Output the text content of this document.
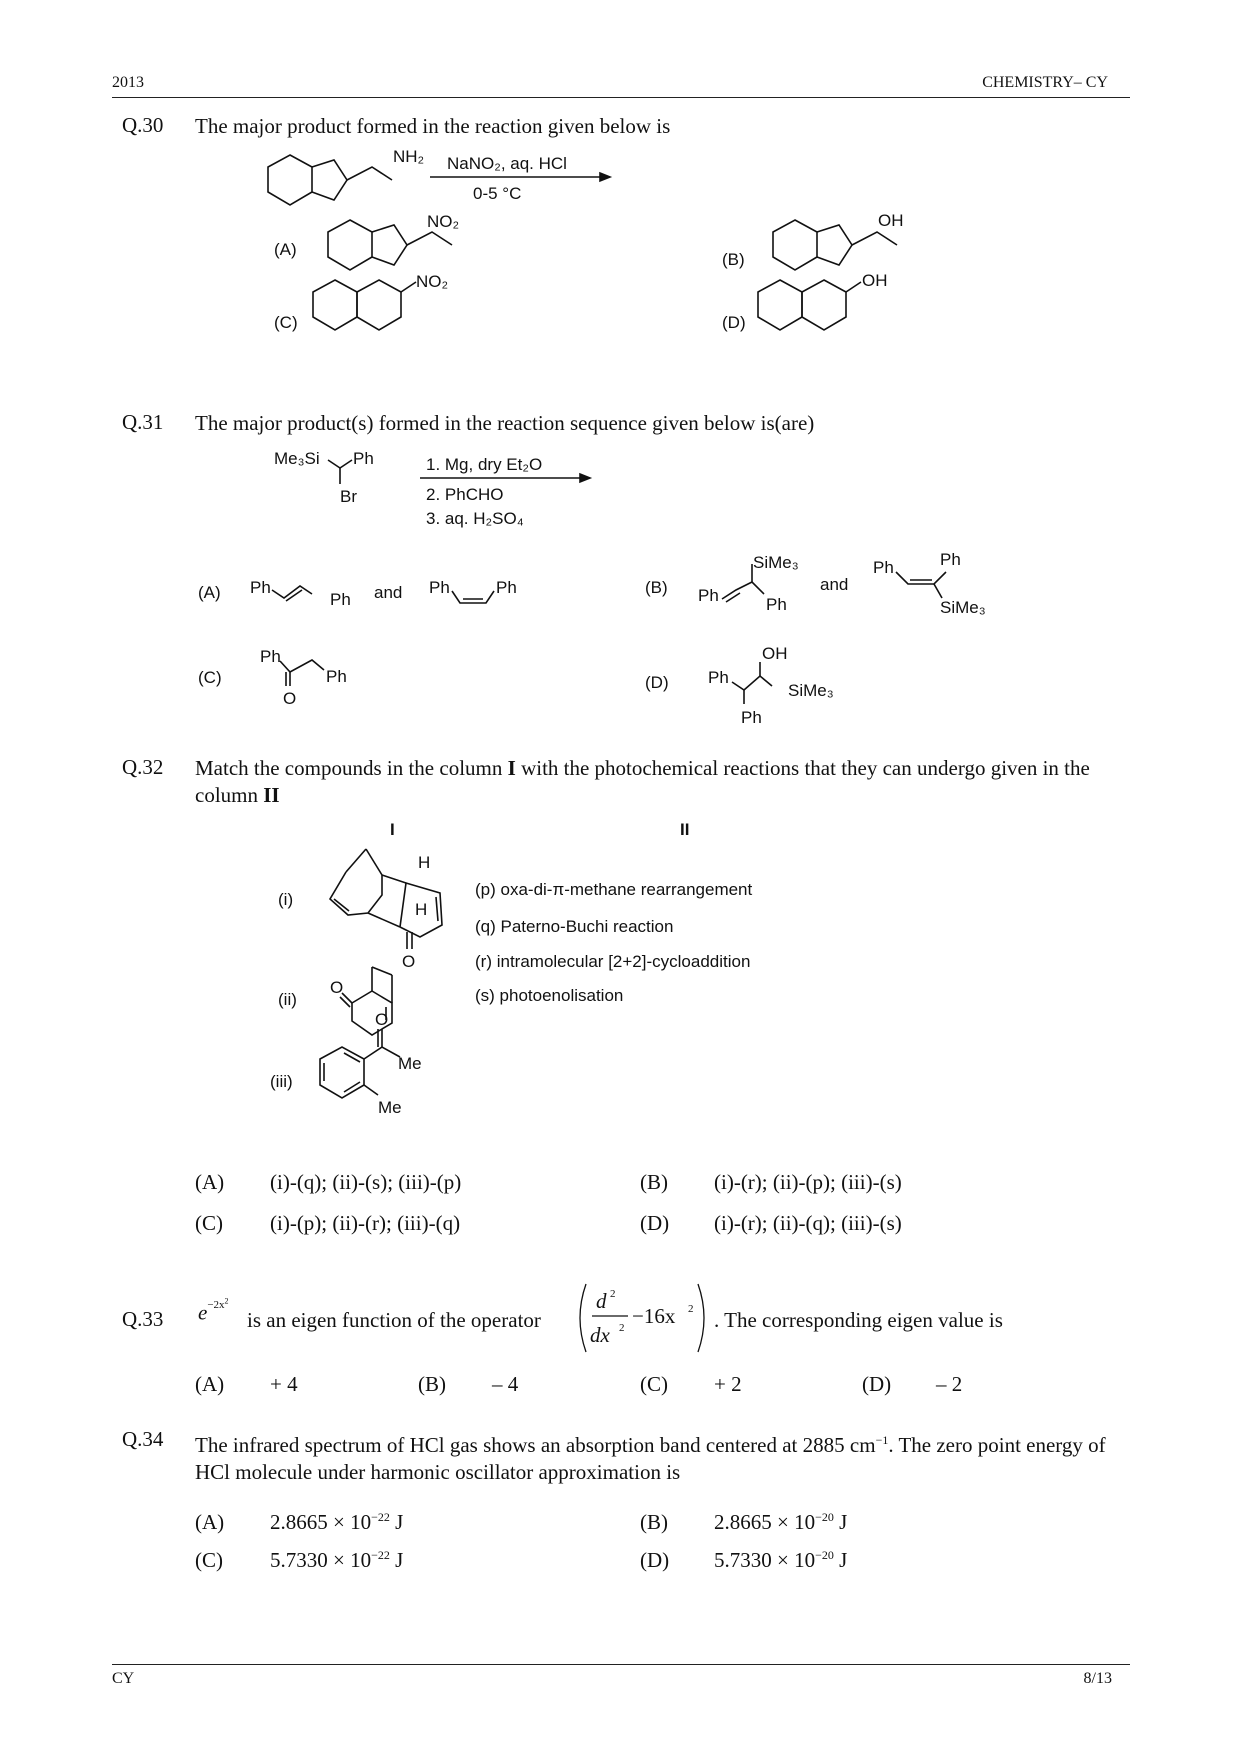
2013	CHEMISTRY– CY
Q.30 The major product formed in the reaction given below is
NH₂ NaNO₂, aq. HCl
0-5 °C
(A)
NO₂
(B)
OH
(C)
NO₂
(D)
OH
Q.31 The major product(s) formed in the reaction sequence given below is(are)
Me₃Si Ph
Br
1. Mg, dry Et₂O
2. PhCHO
3. aq. H₂SO₄
(A) Ph
Ph and Ph	Ph	(B) Ph
SiMe₃
Ph
and
Ph	Ph
SiMe₃
(C)
Ph
O
Ph	(D) Ph
OH
Ph
SiMe₃
Q.32 Match the compounds in the column I with the photochemical reactions that they can undergo given in the column II
I	II
(i)
H
H
O
(p) oxa-di-π-methane rearrangement
(q) Paterno-Buchi reaction
(r) intramolecular [2+2]-cycloaddition
(s) photoenolisation
(ii)
O
(iii)
O
Me
Me
(A) (i)-(q); (ii)-(s); (iii)-(p)	(B) (i)-(r); (ii)-(p); (iii)-(s)
(C) (i)-(p); (ii)-(r); (iii)-(q)	(D) (i)-(r); (ii)-(q); (iii)-(s)
Q.33 $e^{-2x^2}$
is an eigen function of the operator
d 2
dx 2 −16x 2 . The corresponding eigen value is
(A) + 4	(B) – 4	(C) + 2	(D) – 2
Q.34 The infrared spectrum of HCl gas shows an absorption band centered at 2885 $cm^{-1}$. The zero point energy of HCl molecule under harmonic oscillator approximation is
(A) $2.8665 \times 10^{-22}$ J	(B) $2.8665 \times 10^{-20}$ J
(C) $5.7330 \times 10^{-22}$ J	(D) $5.7330 \times 10^{-20}$ J
CY	8/13
